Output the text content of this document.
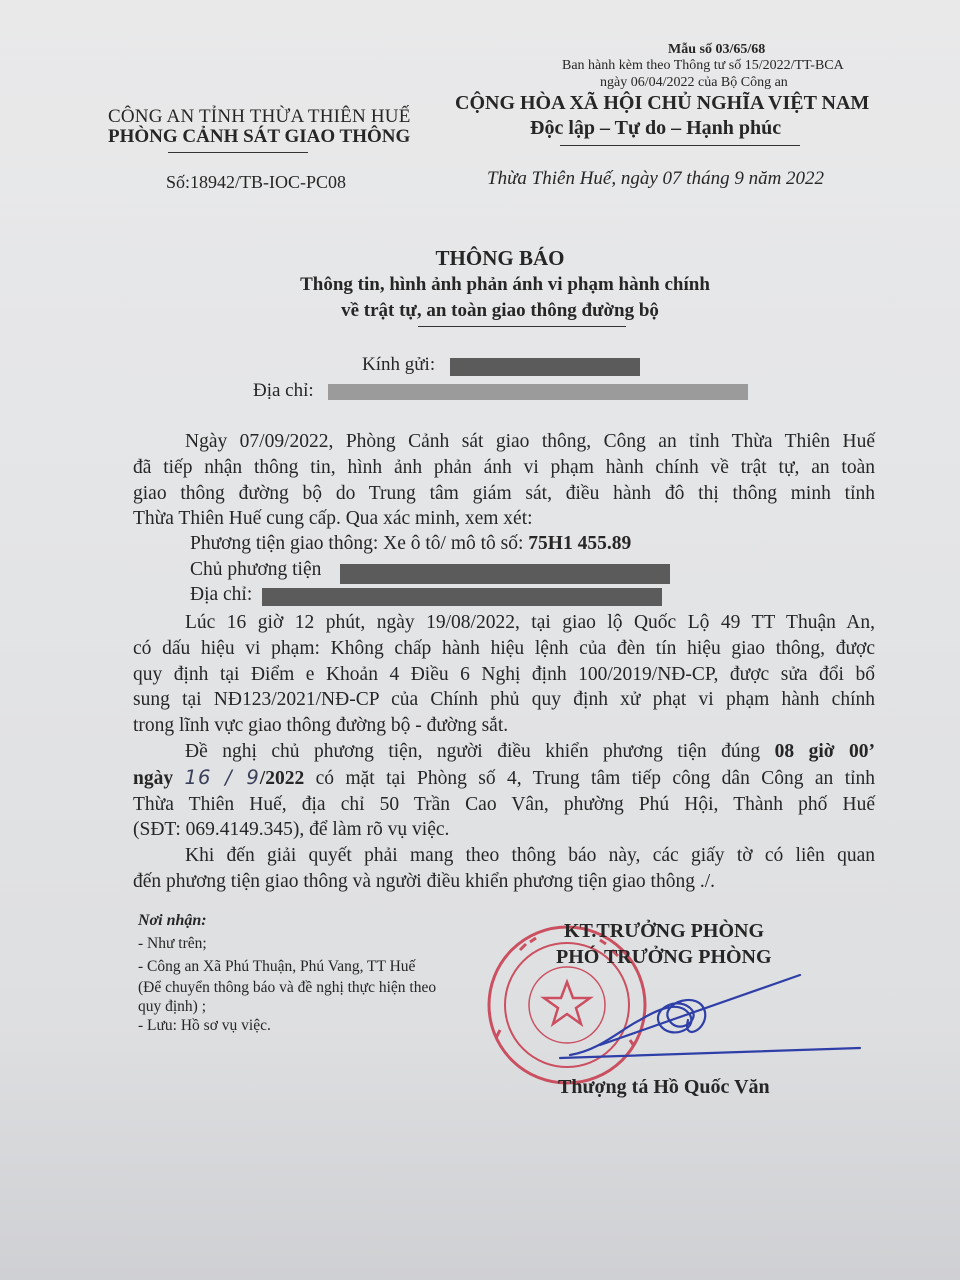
Mẫu số 03/65/68
Ban hành kèm theo Thông tư số 15/2022/TT-BCA
ngày 06/04/2022 của Bộ Công an
CÔNG AN TỈNH THỪA THIÊN HUẾ
PHÒNG CẢNH SÁT GIAO THÔNG
Số:18942/TB-IOC-PC08
CỘNG HÒA XÃ HỘI CHỦ NGHĨA VIỆT NAM
Độc lập – Tự do – Hạnh phúc
Thừa Thiên Huế, ngày 07 tháng 9 năm 2022
THÔNG BÁO
Thông tin, hình ảnh phản ánh vi phạm hành chính
về trật tự, an toàn giao thông đường bộ
Kính gửi:
Địa chỉ:
Ngày 07/09/2022, Phòng Cảnh sát giao thông, Công an tỉnh Thừa Thiên Huế
đã tiếp nhận thông tin, hình ảnh phản ánh vi phạm hành chính về trật tự, an toàn
giao thông đường bộ do Trung tâm giám sát, điều hành đô thị thông minh tỉnh
Thừa Thiên Huế cung cấp. Qua xác minh, xem xét:
Phương tiện giao thông: Xe ô tô/ mô tô số: 75H1 455.89
Chủ phương tiện
Địa chỉ:
Lúc 16 giờ 12 phút, ngày 19/08/2022, tại giao lộ Quốc Lộ 49 TT Thuận An,
có dấu hiệu vi phạm: Không chấp hành hiệu lệnh của đèn tín hiệu giao thông, được
quy định tại Điểm e Khoản 4 Điều 6 Nghị định 100/2019/NĐ-CP, được sửa đổi bổ
sung tại NĐ123/2021/NĐ-CP của Chính phủ quy định xử phạt vi phạm hành chính
trong lĩnh vực giao thông đường bộ - đường sắt.
Đề nghị chủ phương tiện, người điều khiển phương tiện đúng 08 giờ 00’
ngày 16 / 9/2022 có mặt tại Phòng số 4, Trung tâm tiếp công dân Công an tỉnh
Thừa Thiên Huế, địa chỉ 50 Trần Cao Vân, phường Phú Hội, Thành phố Huế
(SĐT: 069.4149.345), để làm rõ vụ việc.
Khi đến giải quyết phải mang theo thông báo này, các giấy tờ có liên quan
đến phương tiện giao thông và người điều khiển phương tiện giao thông ./.
Nơi nhận:
- Như trên;
- Công an Xã Phú Thuận, Phú Vang, TT Huế
(Để chuyển thông báo và đề nghị thực hiện theo
quy định) ;
- Lưu: Hồ sơ vụ việc.
KT.TRƯỞNG PHÒNG
PHÓ TRƯỞNG PHÒNG
Thượng tá Hồ Quốc Văn
